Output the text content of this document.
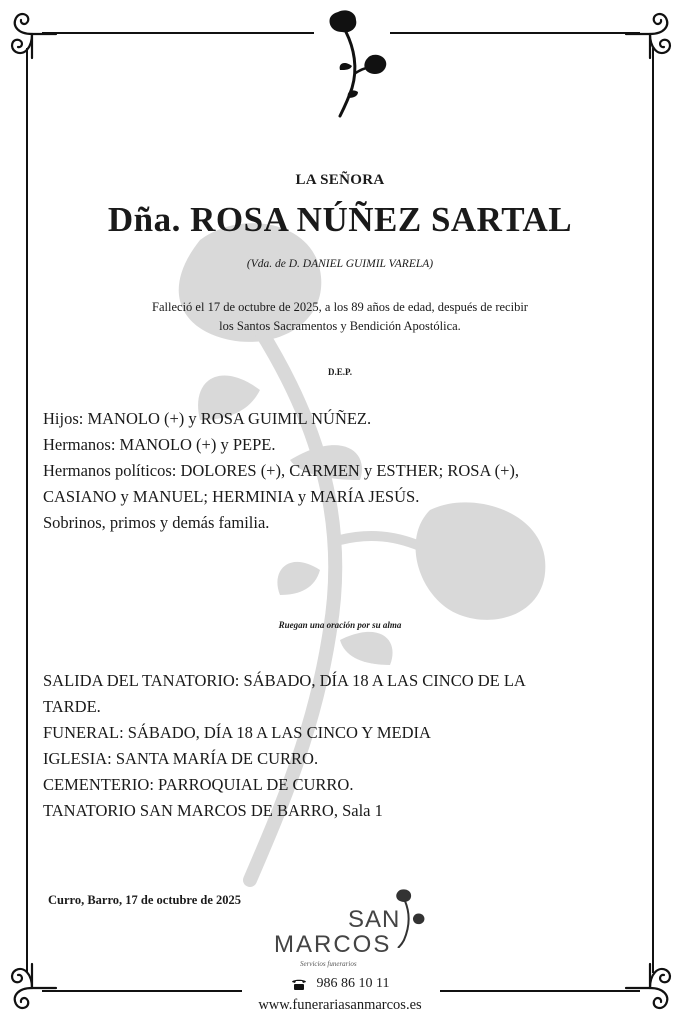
LA SEÑORA
Dña. ROSA NÚÑEZ SARTAL
(Vda. de D. DANIEL GUIMIL VARELA)
Falleció el 17 de octubre de 2025, a los 89 años de edad, después de recibir
los Santos Sacramentos y Bendición Apostólica.
D.E.P.
Hijos: MANOLO (+) y ROSA GUIMIL NÚÑEZ.
Hermanos: MANOLO (+) y PEPE.
Hermanos políticos: DOLORES (+), CARMEN y ESTHER; ROSA (+),
CASIANO y MANUEL; HERMINIA y MARÍA JESÚS.
Sobrinos, primos y demás familia.
Ruegan una oración por su alma
SALIDA DEL TANATORIO: SÁBADO, DÍA 18 A LAS CINCO DE LA
TARDE.
FUNERAL: SÁBADO, DÍA 18 A LAS CINCO Y MEDIA
IGLESIA: SANTA MARÍA DE CURRO.
CEMENTERIO: PARROQUIAL DE CURRO.
TANATORIO SAN MARCOS DE BARRO, Sala 1
Curro, Barro, 17 de octubre de 2025
SAN
MARCOS
Servicios funerarios
986 86 10 11
www.funerariasanmarcos.es
